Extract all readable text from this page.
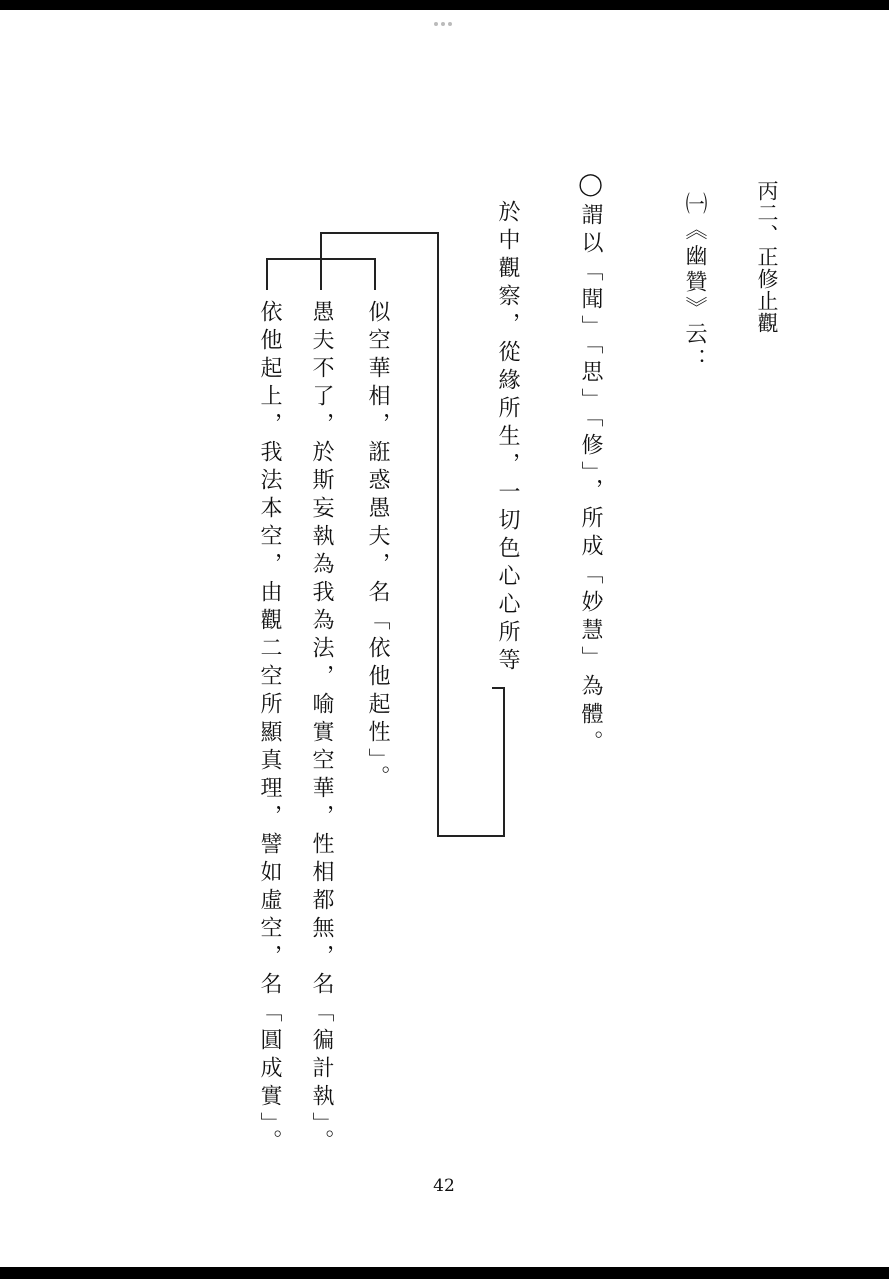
丙二、正修止觀
㈠《幽贊》云：
◯謂以「聞」「思」「修」，所成「妙慧」為體。
於中觀察，從緣所生，一切色心心所等
似空華相，誑惑愚夫，名「依他起性」。
愚夫不了，於斯妄執為我為法，喻實空華，性相都無，名「徧計執」。
依他起上，我法本空，由觀二空所顯真理，譬如虛空，名「圓成實」。
42
